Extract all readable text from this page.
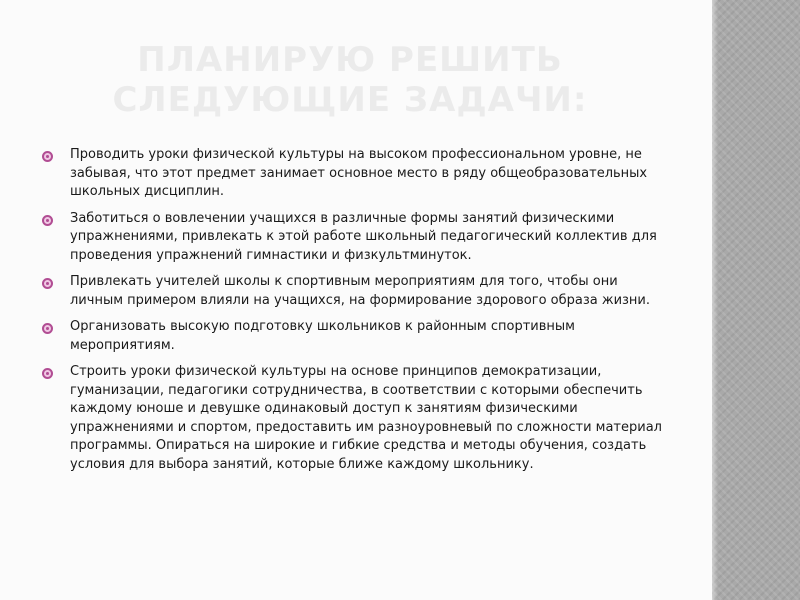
ПЛАНИРУЮ РЕШИТЬ СЛЕДУЮЩИЕ ЗАДАЧИ:
Проводить уроки физической культуры на высоком профессиональном уровне, не забывая, что этот предмет занимает основное место в ряду общеобразовательных школьных дисциплин.
Заботиться о вовлечении учащихся в различные формы занятий физическими упражнениями, привлекать к этой работе школьный педагогический коллектив для проведения упражнений гимнастики и физкультминуток.
Привлекать учителей школы к спортивным мероприятиям для того, чтобы они личным примером влияли на учащихся, на формирование здорового образа жизни.
Организовать высокую подготовку школьников к районным спортивным мероприятиям.
Строить уроки физической культуры на основе принципов демократизации, гуманизации, педагогики сотрудничества, в соответствии с которыми обеспечить каждому юноше и девушке одинаковый доступ к занятиям физическими упражнениями и спортом, предоставить им разноуровневый по сложности материал программы. Опираться на широкие и гибкие средства и методы обучения, создать условия для выбора занятий, которые ближе каждому школьнику.
